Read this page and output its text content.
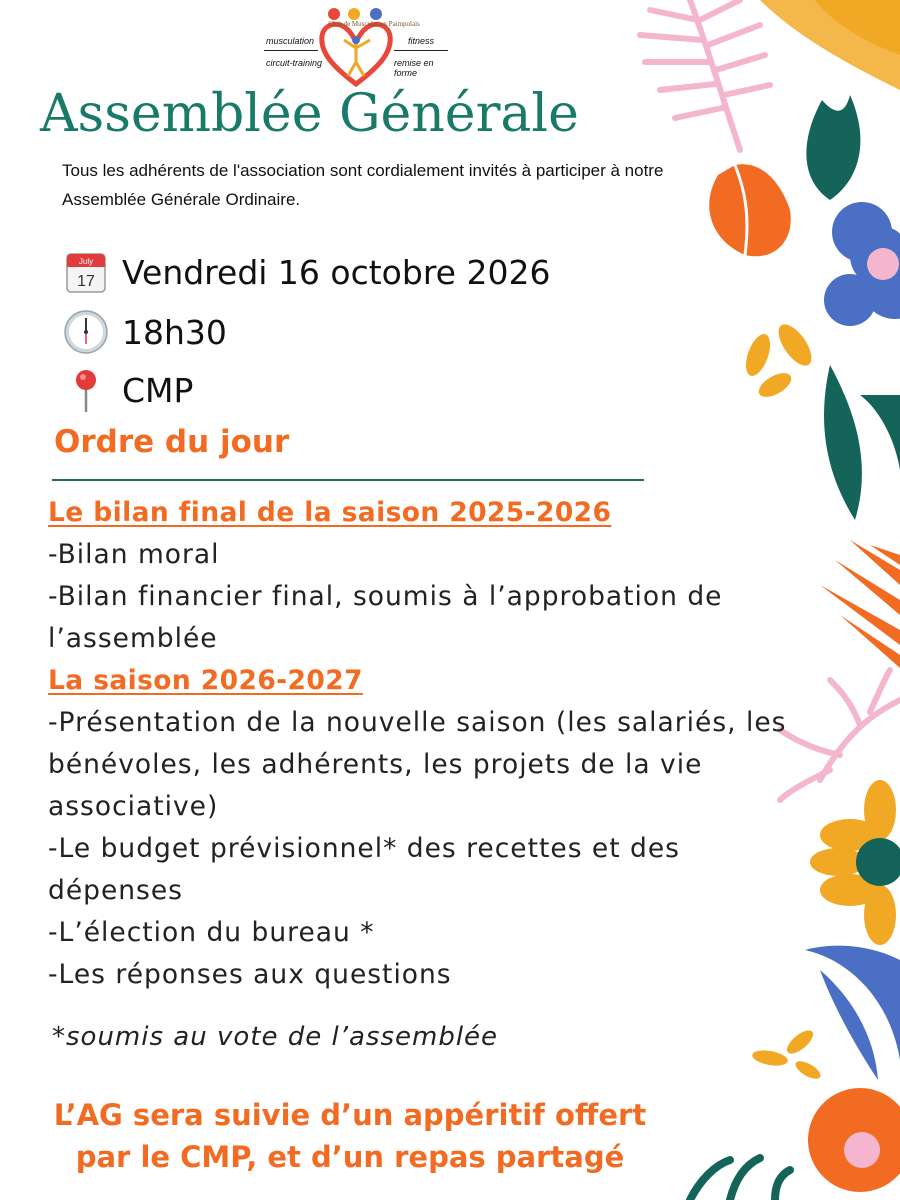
Club de Musculation Paimpolais
musculation
circuit-training
fitness
remise en forme
Assemblée Générale
Tous les adhérents de l'association sont cordialement invités à participer à notre Assemblée Générale Ordinaire.
July
17 Vendredi 16 octobre 2026
18h30
CMP
Ordre du jour
Le bilan final de la saison 2025-2026
-Bilan moral
-Bilan financier final, soumis à l’approbation de l’assemblée
La saison 2026-2027
-Présentation de la nouvelle saison (les salariés, les bénévoles, les adhérents, les projets de la vie associative)
-Le budget prévisionnel* des recettes et des dépenses
-L’élection du bureau *
-Les réponses aux questions
*soumis au vote de l’assemblée
L’AG sera suivie d’un appéritif offert par le CMP, et d’un repas partagé
